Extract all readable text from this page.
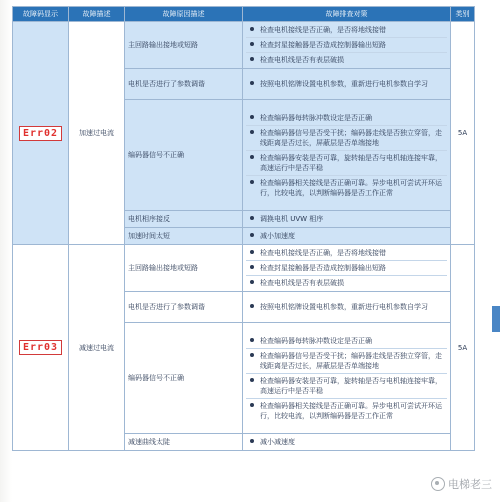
故障码显示	故障描述	故障原因描述	故障排查对策	类别
Err02	加速过电流	主回路输出接地或短路	检查电机接线是否正确，是否将地线接错
检查封星接触器是否造成控制器输出短路
检查电机线是否有表层破损	5A
		电机是否进行了参数调谐	按照电机铭牌设置电机参数，重新进行电机参数自学习	

		编码器信号不正确	检查编码器每转脉冲数设定是否正确
检查编码器信号是否受干扰；编码器走线是否独立穿管，走线距离是否过长，屏蔽层是否单端接地
检查编码器安装是否可靠，旋转轴是否与电机轴连接牢靠，高速运行中是否平稳
检查编码器相关接线是否正确可靠。异步电机可尝试开环运行，比较电流，以判断编码器是否工作正常	

		电机相序接反	调换电机 UVW 相序	

		加速时间太短	减小加速度	

Err03	减速过电流	主回路输出接地或短路	检查电机接线是否正确，是否将地线接错
检查封星接触器是否造成控制器输出短路
检查电机线是否有表层破损	5A
		电机是否进行了参数调谐	按照电机铭牌设置电机参数，重新进行电机参数自学习	

		编码器信号不正确	检查编码器每转脉冲数设定是否正确
检查编码器信号是否受干扰；编码器走线是否独立穿管，走线距离是否过长，屏蔽层是否单端接地
检查编码器安装是否可靠，旋转轴是否与电机轴连接牢靠，高速运行中是否平稳
检查编码器相关接线是否正确可靠。异步电机可尝试开环运行，比较电流，以判断编码器是否工作正常	

		减速曲线太陡	减小减速度	
电梯老三
